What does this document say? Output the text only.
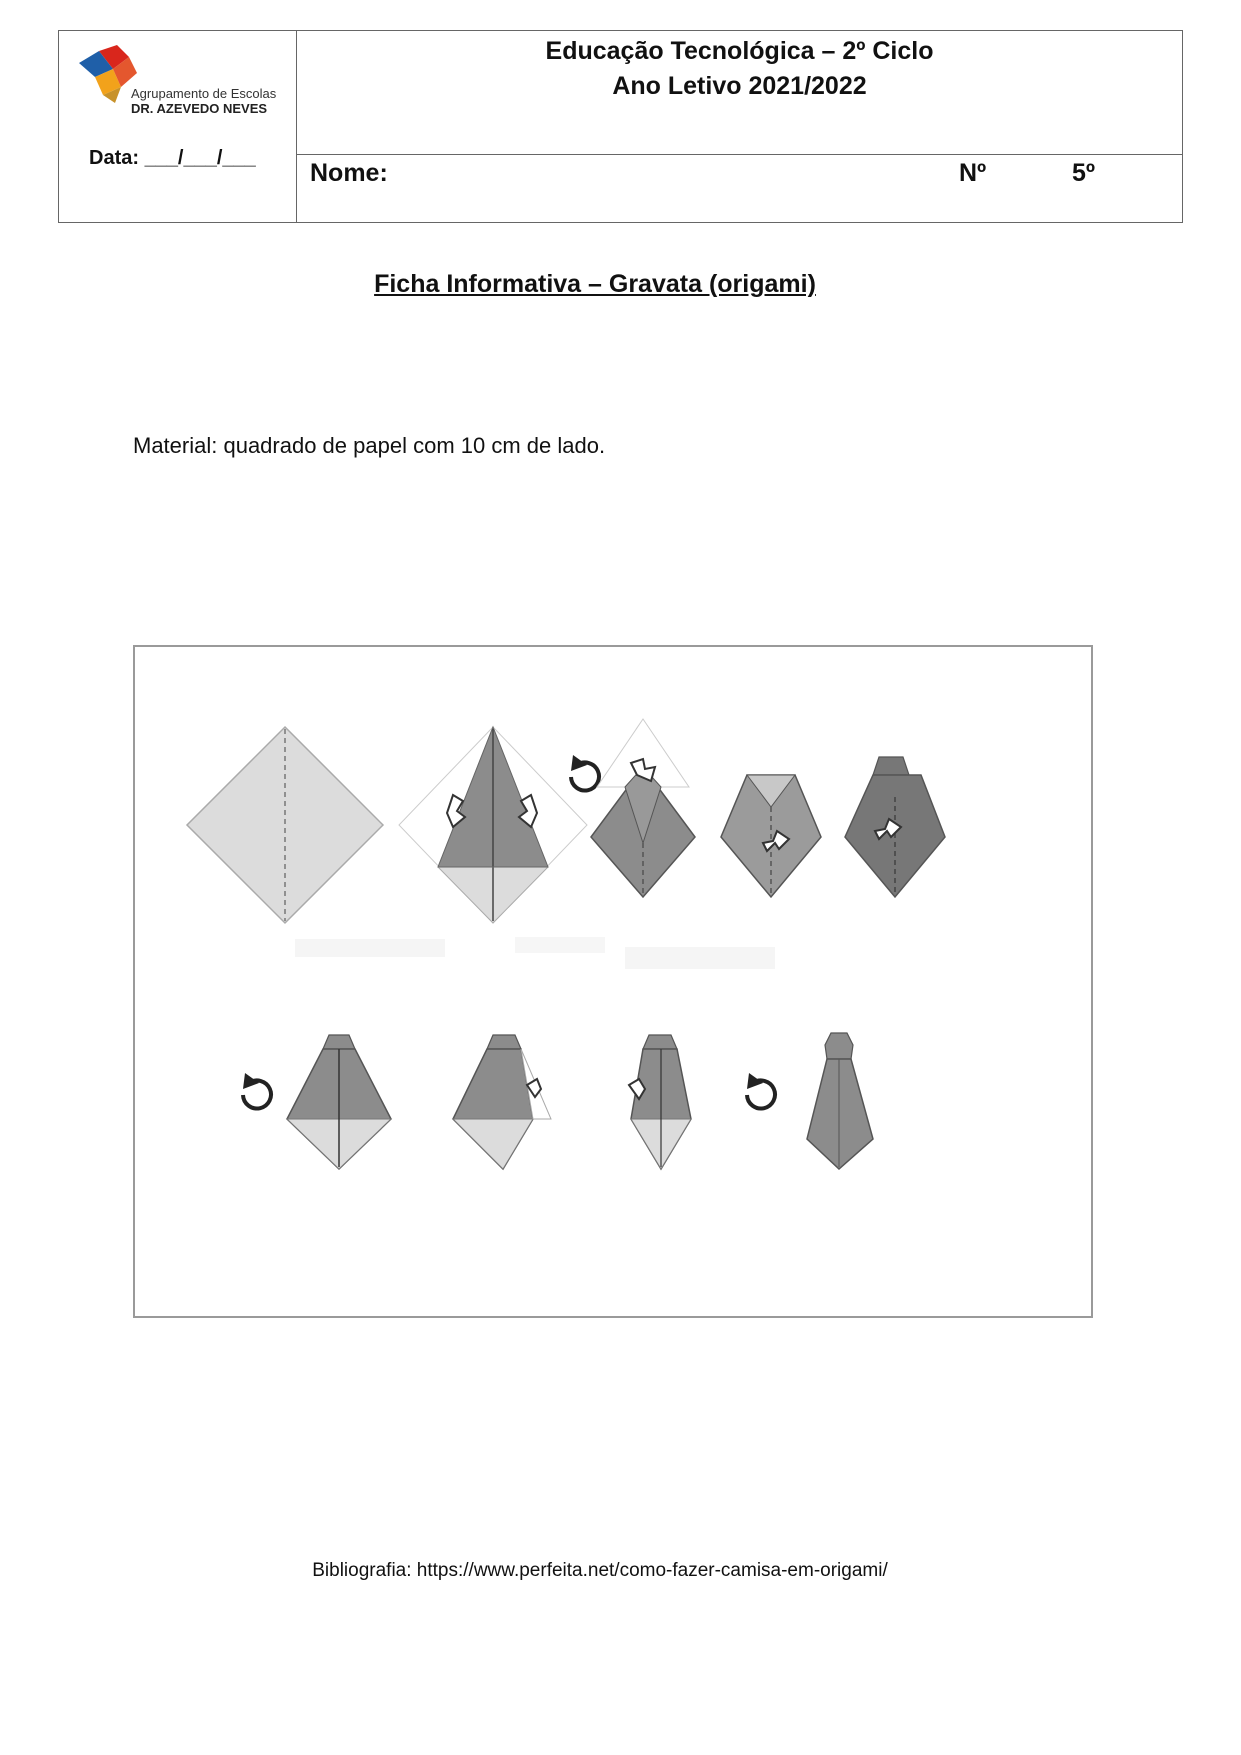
Agrupamento de Escolas
DR. AZEVEDO NEVES
Data: ___/___/___
Educação Tecnológica – 2º Ciclo
Ano Letivo 2021/2022
Nome:	Nº	5º
Ficha Informativa – Gravata (origami)
Material: quadrado de papel com 10 cm de lado.
Bibliografia: https://www.perfeita.net/como-fazer-camisa-em-origami/
